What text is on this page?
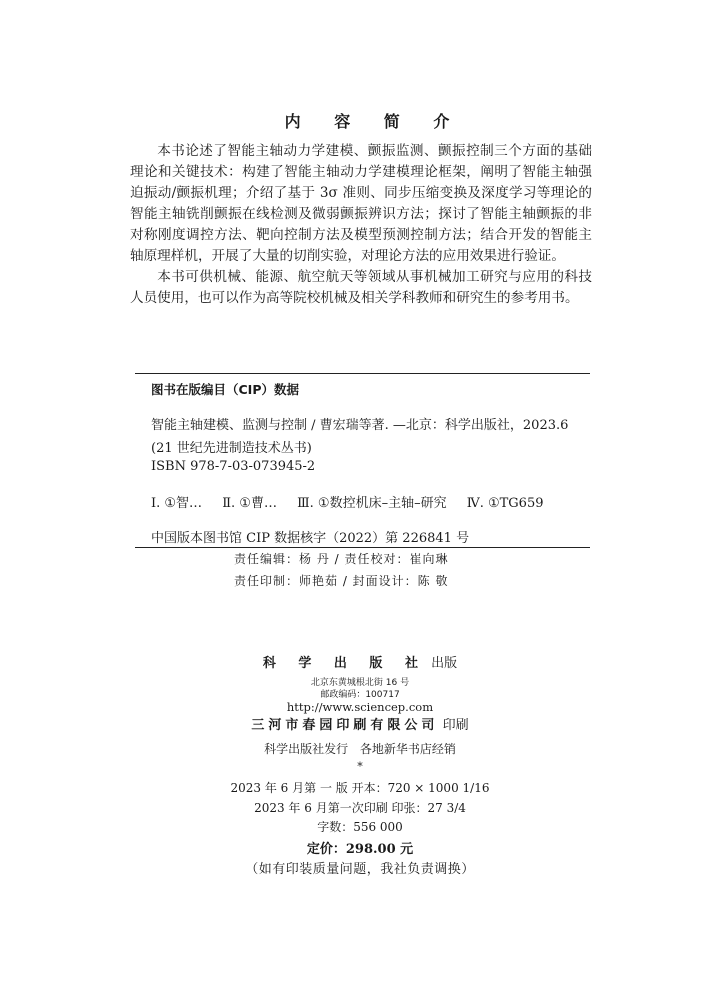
内 容 简 介

本书论述了智能主轴动力学建模、颤振监测、颤振控制三个方面的基础理论和关键技术：构建了智能主轴动力学建模理论框架，阐明了智能主轴强迫振动/颤振机理；介绍了基于 3σ 准则、同步压缩变换及深度学习等理论的智能主轴铣削颤振在线检测及微弱颤振辨识方法；探讨了智能主轴颤振的非对称刚度调控方法、靶向控制方法及模型预测控制方法；结合开发的智能主轴原理样机，开展了大量的切削实验，对理论方法的应用效果进行验证。

本书可供机械、能源、航空航天等领域从事机械加工研究与应用的科技人员使用，也可以作为高等院校机械及相关学科教师和研究生的参考用书。

图书在版编目（CIP）数据
智能主轴建模、监测与控制 / 曹宏瑞等著. —北京：科学出版社，2023.6
(21 世纪先进制造技术丛书)
ISBN 978-7-03-073945-2
Ⅰ. ①智… Ⅱ. ①曹… Ⅲ. ①数控机床–主轴–研究 Ⅳ. ①TG659
中国版本图书馆 CIP 数据核字（2022）第 226841 号
责任编辑：杨 丹 / 责任校对：崔向琳
责任印制：师艳茹 / 封面设计：陈 敬
科 学 出 版 社 出版
北京东黄城根北街 16 号
邮政编码：100717
http://www.sciencep.com
三河市春园印刷有限公司 印刷
科学出版社发行 各地新华书店经销
*
2023 年 6 月第 一 版 开本：720 × 1000 1/16
2023 年 6 月第一次印刷 印张：27 3/4
字数：556 000
定价：298.00 元
（如有印装质量问题，我社负责调换）
